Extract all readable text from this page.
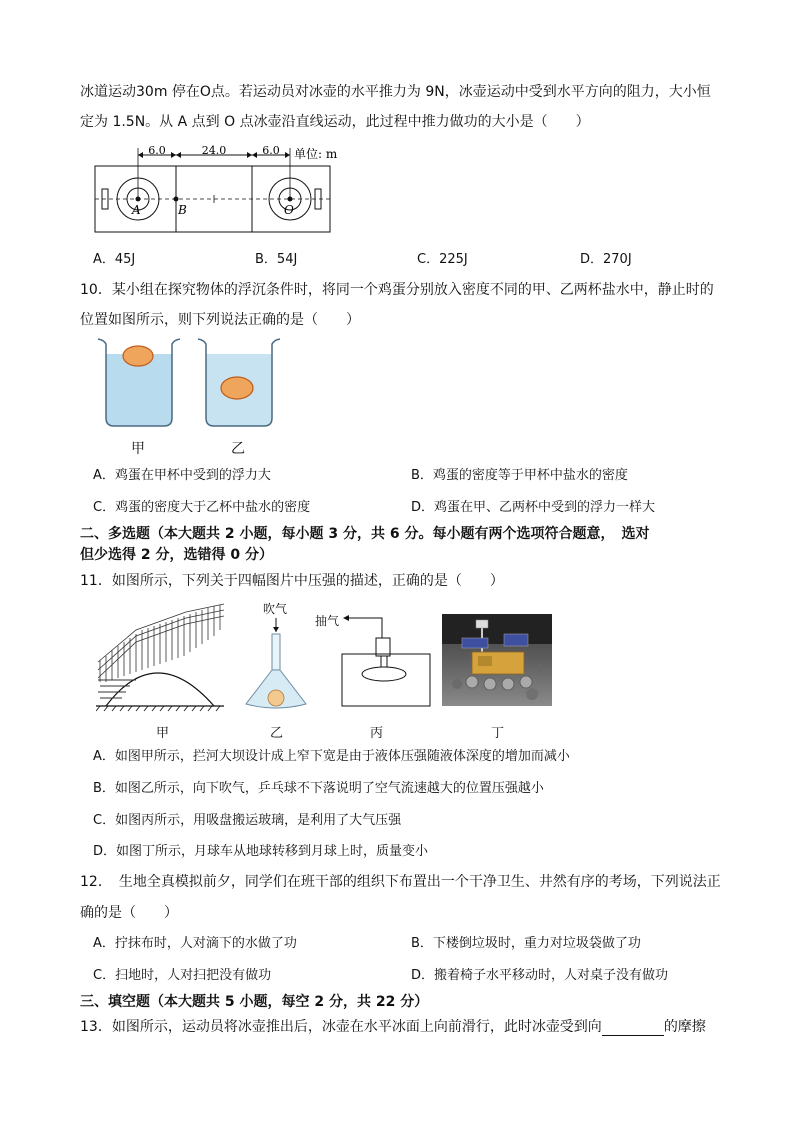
冰道运动30m 停在O点。若运动员对冰壶的水平推力为 9N，冰壶运动中受到水平方向的阻力，大小恒
定为 1.5N。从 A 点到 O 点冰壶沿直线运动，此过程中推力做功的大小是（　　）
6.0	24.0	6.0 单位: m
A	O
B
A．45J	B．54J	C．225J	D．270J
10．某小组在探究物体的浮沉条件时，将同一个鸡蛋分别放入密度不同的甲、乙两杯盐水中，静止时的
位置如图所示，则下列说法正确的是（　　）
甲	乙
A．鸡蛋在甲杯中受到的浮力大	B．鸡蛋的密度等于甲杯中盐水的密度
C．鸡蛋的密度大于乙杯中盐水的密度	D．鸡蛋在甲、乙两杯中受到的浮力一样大
二、多选题（本大题共 2 小题，每小题 3 分，共 6 分。每小题有两个选项符合题意，　选对
但少选得 2 分，选错得 0 分）
11．如图所示，下列关于四幅图片中压强的描述，正确的是（　　）
吹气
抽气
甲	乙	丙	丁
A．如图甲所示，拦河大坝设计成上窄下宽是由于液体压强随液体深度的增加而减小
B．如图乙所示，向下吹气，乒乓球不下落说明了空气流速越大的位置压强越小
C．如图丙所示，用吸盘搬运玻璃，是利用了大气压强
D．如图丁所示，月球车从地球转移到月球上时，质量变小
12．　生地全真模拟前夕，同学们在班干部的组织下布置出一个干净卫生、井然有序的考场，下列说法正
确的是（　　）
A．拧抹布时，人对滴下的水做了功	B．下楼倒垃圾时，重力对垃圾袋做了功
C．扫地时，人对扫把没有做功	D．搬着椅子水平移动时，人对桌子没有做功
三、填空题（本大题共 5 小题，每空 2 分，共 22 分）
13．如图所示，运动员将冰壶推出后，冰壶在水平冰面上向前滑行，此时冰壶受到向	的摩擦
